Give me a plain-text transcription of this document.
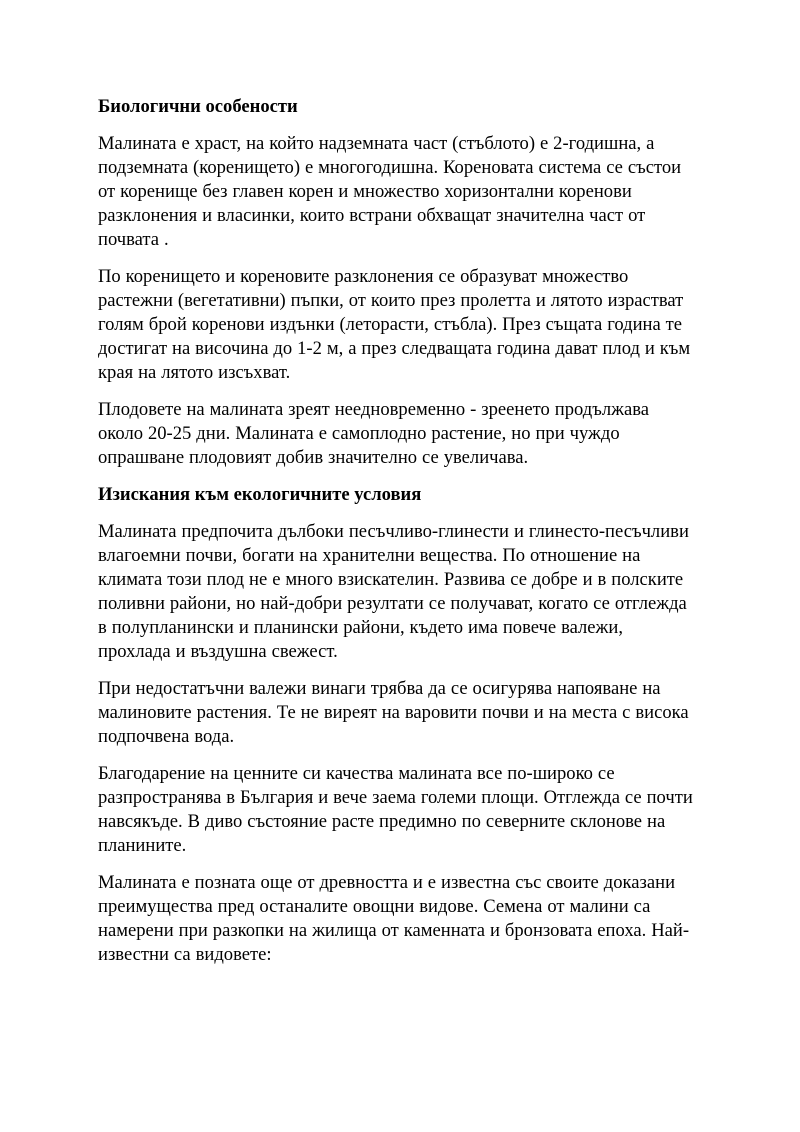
Биологични особености
Малината е храст, на който надземната част (стъблото) е 2-годишна, а
подземната (коренището) е многогодишна. Кореновата система се състои
от коренище без главен корен и множество хоризонтални коренови
разклонения и власинки, които встрани обхващат значителна част от
почвата .
По коренището и кореновите разклонения се образуват множество
растежни (вегетативни) пъпки, от които през пролетта и лятото израстват
голям брой коренови издънки (леторасти, стъбла). През същата година те
достигат на височина до 1-2 м, а през следващата година дават плод и към
края на лятото изсъхват.
Плодовете на малината зреят неедновременно - зреенето продължава
около 20-25 дни. Малината е самоплодно растение, но при чуждо
опрашване плодовият добив значително се увеличава.
Изискания към екологичните условия
Малината предпочита дълбоки песъчливо-глинести и глинесто-песъчливи
влагоемни почви, богати на хранителни вещества. По отношение на
климата този плод не е много взискателин. Развива се добре и в полските
поливни райони, но най-добри резултати се получават, когато се отглежда
в полупланински и планински райони, където има повече валежи,
прохлада и въздушна свежест.
При недостатъчни валежи винаги трябва да се осигурява напояване на
малиновите растения. Те не виреят на варовити почви и на места с висока
подпочвена вода.
Благодарение на ценните си качества малината все по-широко се
разпространява в България и вече заема големи площи. Отглежда се почти
навсякъде. В диво състояние расте предимно по северните склонове на
планините.
Малината е позната още от древността и е известна със своите доказани
преимущества пред останалите овощни видове. Семена от малини са
намерени при разкопки на жилища от каменната и бронзовата епоха. Най-
известни са видовете:
